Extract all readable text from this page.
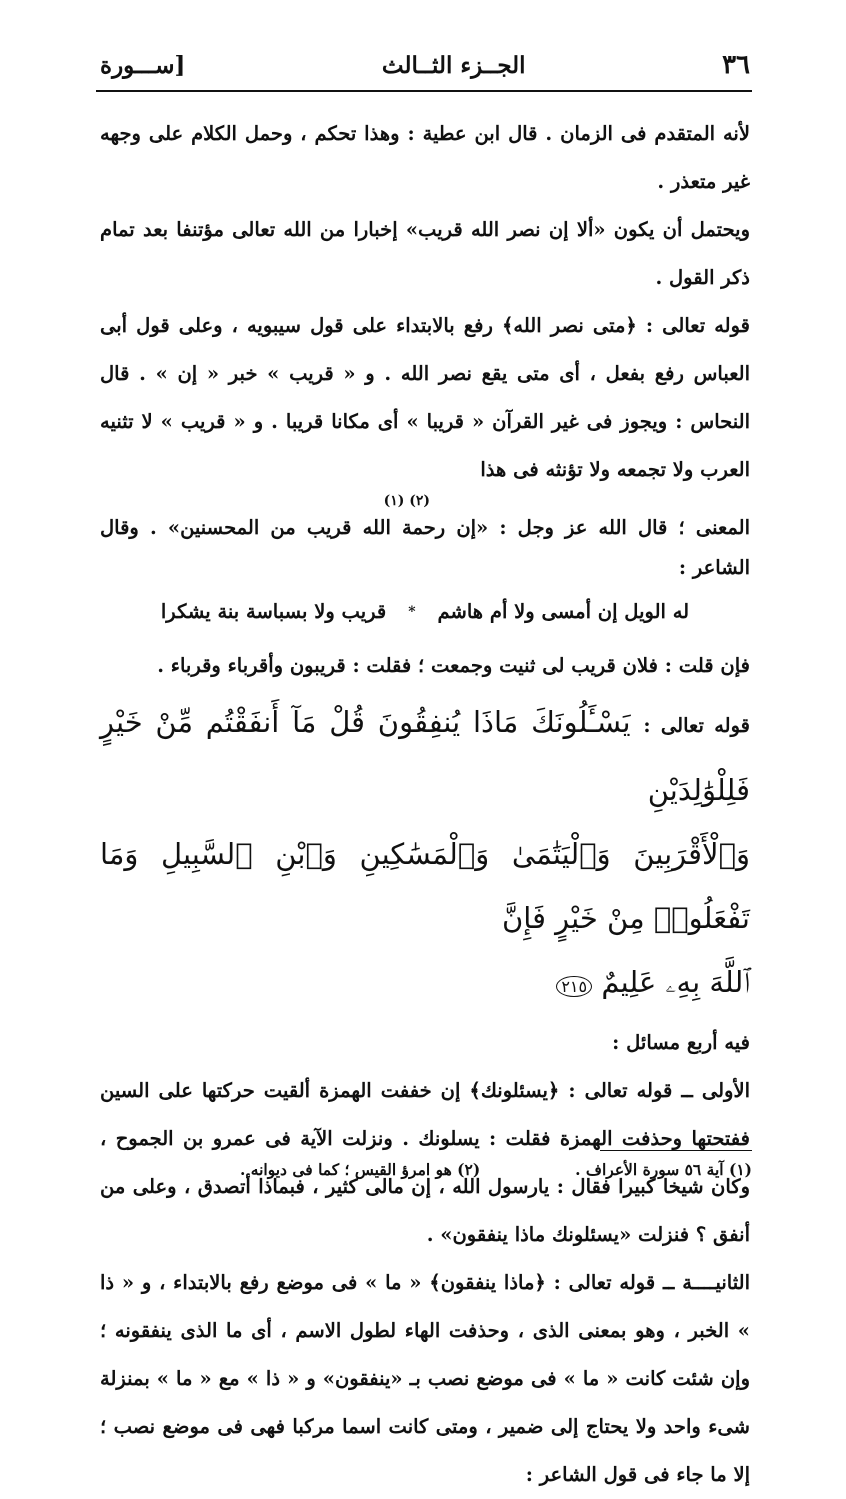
٣٦
الجــزء الثــالث
[ســـورة

لأنه المتقدم فى الزمان . قال ابن عطية : وهذا تحكم ، وحمل الكلام على وجهه غير متعذر .

ويحتمل أن يكون «ألا إن نصر الله قريب» إخبارا من الله تعالى مؤتنفا بعد تمام ذكر القول .

قوله تعالى : ﴿متى نصر الله﴾ رفع بالابتداء على قول سيبويه ، وعلى قول أبى العباس رفع بفعل ، أى متى يقع نصر الله . و « قريب » خبر « إن » . قال النحاس : ويجوز فى غير القرآن « قريبا » أى مكانا قريبا . و « قريب » لا تثنيه العرب ولا تجمعه ولا تؤنثه فى هذا

(٢) (١)

المعنى ؛ قال الله عز وجل : «إن رحمة الله قريب من المحسنين» . وقال الشاعر :

له الويل إن أمسى ولا أم هاشم
*
قريب ولا بسباسة بنة يشكرا

فإن قلت : فلان قريب لى ثنيت وجمعت ؛ فقلت : قريبون وأقرباء وقرباء .

قوله تعالى : يَسْـَٔلُونَكَ مَاذَا يُنفِقُونَ قُلْ مَآ أَنفَقْتُم مِّنْ خَيْرٍ فَلِلْوَٰلِدَيْنِ

وَٱلْأَقْرَبِينَ وَٱلْيَتَٰمَىٰ وَٱلْمَسَٰكِينِ وَٱبْنِ ٱلسَّبِيلِ وَمَا تَفْعَلُوا۟ مِنْ خَيْرٍ فَإِنَّ

ٱللَّهَ بِهِۦ عَلِيمٌ ٢١٥

فيه أربع مسائل :

الأولى ــ قوله تعالى : ﴿يسئلونك﴾ إن خففت الهمزة ألقيت حركتها على السين ففتحتها وحذفت الهمزة فقلت : يسلونك . ونزلت الآية فى عمرو بن الجموح ، وكان شيخا كبيرا فقال : يارسول الله ، إن مالى كثير ، فبماذا أتصدق ، وعلى من أنفق ؟ فنزلت «يسئلونك ماذا ينفقون» .

الثانيــــة ــ قوله تعالى : ﴿ماذا ينفقون﴾ « ما » فى موضع رفع بالابتداء ، و « ذا » الخبر ، وهو بمعنى الذى ، وحذفت الهاء لطول الاسم ، أى ما الذى ينفقونه ؛ وإن شئت كانت « ما » فى موضع نصب بـ «ينفقون» و « ذا » مع « ما » بمنزلة شىء واحد ولا يحتاج إلى ضمير ، ومتى كانت اسما مركبا فهى فى موضع نصب ؛ إلا ما جاء فى قول الشاعر :

(١) آية ٥٦ سورة الأعراف .
(٢) هو امرؤ القيس ؛ كما فى ديوانه .
